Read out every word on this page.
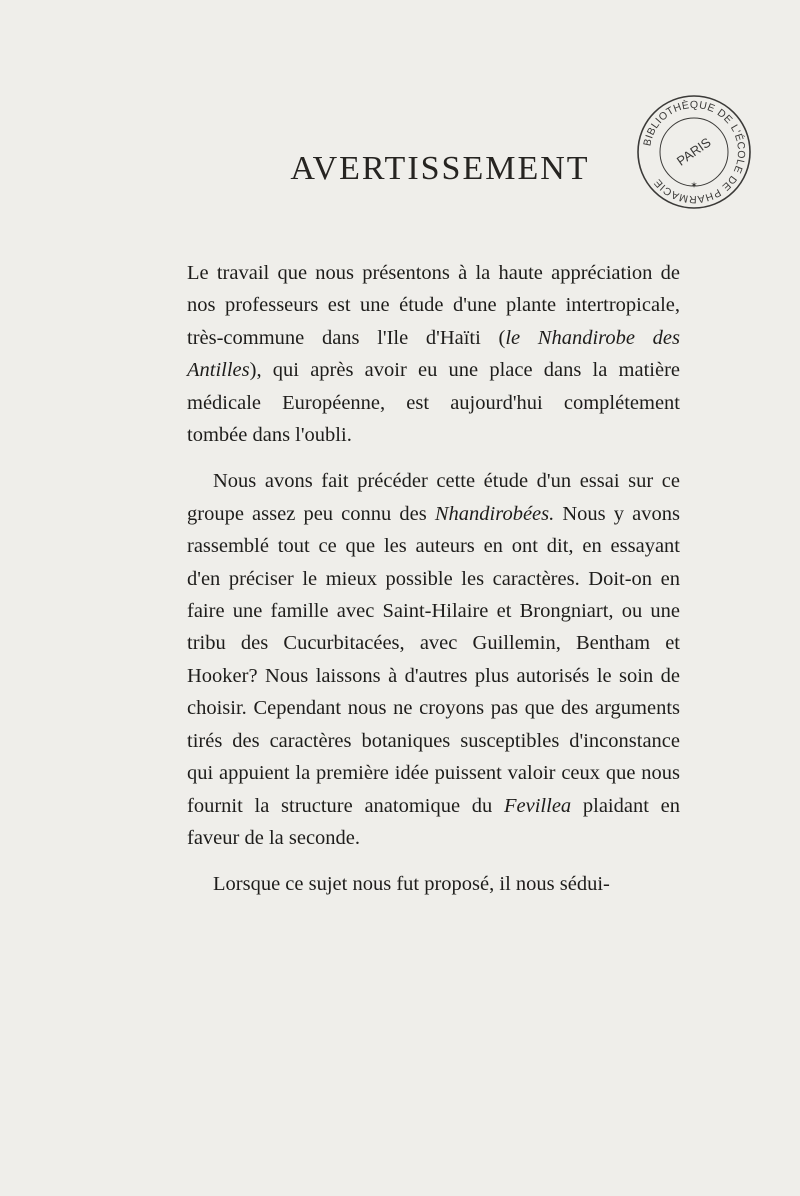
AVERTISSEMENT
BIBLIOTHÈQUE DE L'ÉCOLE DE PHARMACIE
PARIS
✶

Le travail que nous présentons à la haute appréciation de nos professeurs est une étude d'une plante intertropicale, très-commune dans l'Ile d'Haïti (le Nhandirobe des Antilles), qui après avoir eu une place dans la matière médicale Européenne, est aujourd'hui complétement tombée dans l'oubli.

Nous avons fait précéder cette étude d'un essai sur ce groupe assez peu connu des Nhandirobées. Nous y avons rassemblé tout ce que les auteurs en ont dit, en essayant d'en préciser le mieux possible les caractères. Doit-on en faire une famille avec Saint-Hilaire et Brongniart, ou une tribu des Cucurbitacées, avec Guillemin, Bentham et Hooker? Nous laissons à d'autres plus autorisés le soin de choisir. Cependant nous ne croyons pas que des arguments tirés des caractères botaniques susceptibles d'inconstance qui appuient la première idée puissent valoir ceux que nous fournit la structure anatomique du Fevillea plaidant en faveur de la seconde.

Lorsque ce sujet nous fut proposé, il nous sédui-
